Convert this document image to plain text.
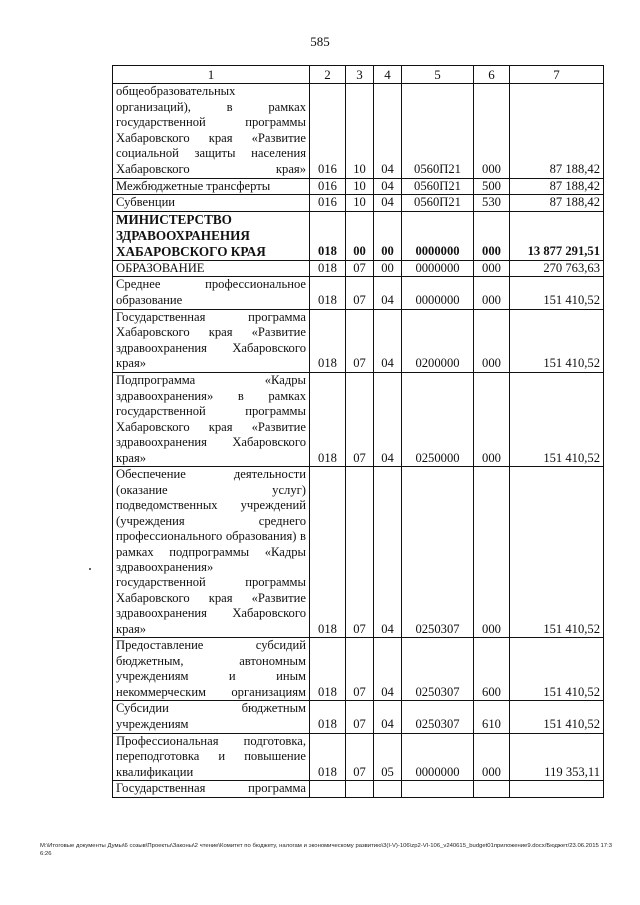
585
1	2	3	4	5	6	7
общеобразовательных организаций), в рамках государственной программы Хабаровского края «Развитие социальной защиты населения Хабаровского края»	016	10	04	0560П21	000	87 188,42
Межбюджетные трансферты	016	10	04	0560П21	500	87 188,42
Субвенции	016	10	04	0560П21	530	87 188,42
МИНИСТЕРСТВО ЗДРАВООХРАНЕНИЯ ХАБАРОВСКОГО КРАЯ	018	00	00	0000000	000	13 877 291,51
ОБРАЗОВАНИЕ	018	07	00	0000000	000	270 763,63
Среднее профессиональное образование	018	07	04	0000000	000	151 410,52
Государственная программа Хабаровского края «Развитие здравоохранения Хабаровского края»	018	07	04	0200000	000	151 410,52
Подпрограмма «Кадры здравоохранения» в рамках государственной программы Хабаровского края «Развитие здравоохранения Хабаровского края»	018	07	04	0250000	000	151 410,52
Обеспечение деятельности (оказание услуг) подведомственных учреждений (учреждения среднего профессионального образования) в рамках подпрограммы «Кадры здравоохранения» государственной программы Хабаровского края «Развитие здравоохранения Хабаровского края»	018	07	04	0250307	000	151 410,52
Предоставление субсидий бюджетным, автономным учреждениям и иным некоммерческим организациям	018	07	04	0250307	600	151 410,52
Субсидии бюджетным учреждениям	018	07	04	0250307	610	151 410,52
Профессиональная подготовка, переподготовка и повышение квалификации	018	07	05	0000000	000	119 353,11
Государственная программа						
M:\Итоговые документы Думы\6 созыв\Проекты\Законы\2 чтение\Комитет по бюджету, налогам и экономическому развитию\3(I-V)-106\zp2-VI-106_v240615_budget01приложение9.docx/Бюджет/23.06.2015 17:36:26
